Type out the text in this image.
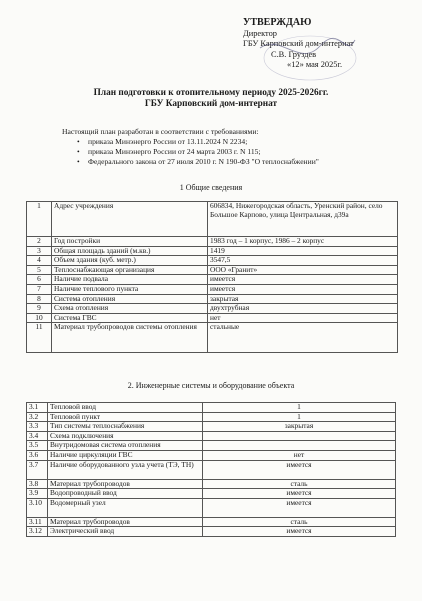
УТВЕРЖДАЮ
Директор
ГБУ Карповский дом-интернат
С.В. Груздев
«12» мая 2025г.
План подготовки к отопительному периоду 2025-2026гг.
ГБУ Карповский дом-интернат
Настоящий план разработан в соответствии с требованиями:
• приказа Минэнерго России от 13.11.2024 N 2234;
• приказа Минэнерго России от 24 марта 2003 г. N 115;
• Федерального закона от 27 июля 2010 г. N 190-ФЗ "О теплоснабжении"
1 Общие сведения
1	Адрес учреждения	606834, Нижегородская область, Уренский район, село Большое Карпово, улица Центральная, д39а
2	Год постройки	1983 год – 1 корпус, 1986 – 2 корпус
3	Общая площадь зданий (м.кв.)	1419
4	Объем здания (куб. метр.)	3547,5
5	Теплоснабжающая организация	ООО «Гранит»
6	Наличие подвала	имеется
7	Наличие теплового пункта	имеется
8	Система отопления	закрытая
9	Схема отопления	двухтрубная
10	Система ГВС	нет
11	Материал трубопроводов системы отопления	стальные
2. Инженерные системы и оборудование объекта
3.1	Тепловой ввод	1
3.2	Тепловой пункт	1
3.3	Тип системы теплоснабжения	закрытая
3.4	Схема подключения	
3.5	Внутридомовая система отопления	
3.6	Наличие циркуляции ГВС	нет
3.7	Наличие оборудованного узла учета (ТЭ, ТН)	имеется
3.8	Материал трубопроводов	сталь
3.9	Водопроводный ввод	имеется
3.10	Водомерный узел	имеется
3.11	Материал трубопроводов	сталь
3.12	Электрический ввод	имеется
